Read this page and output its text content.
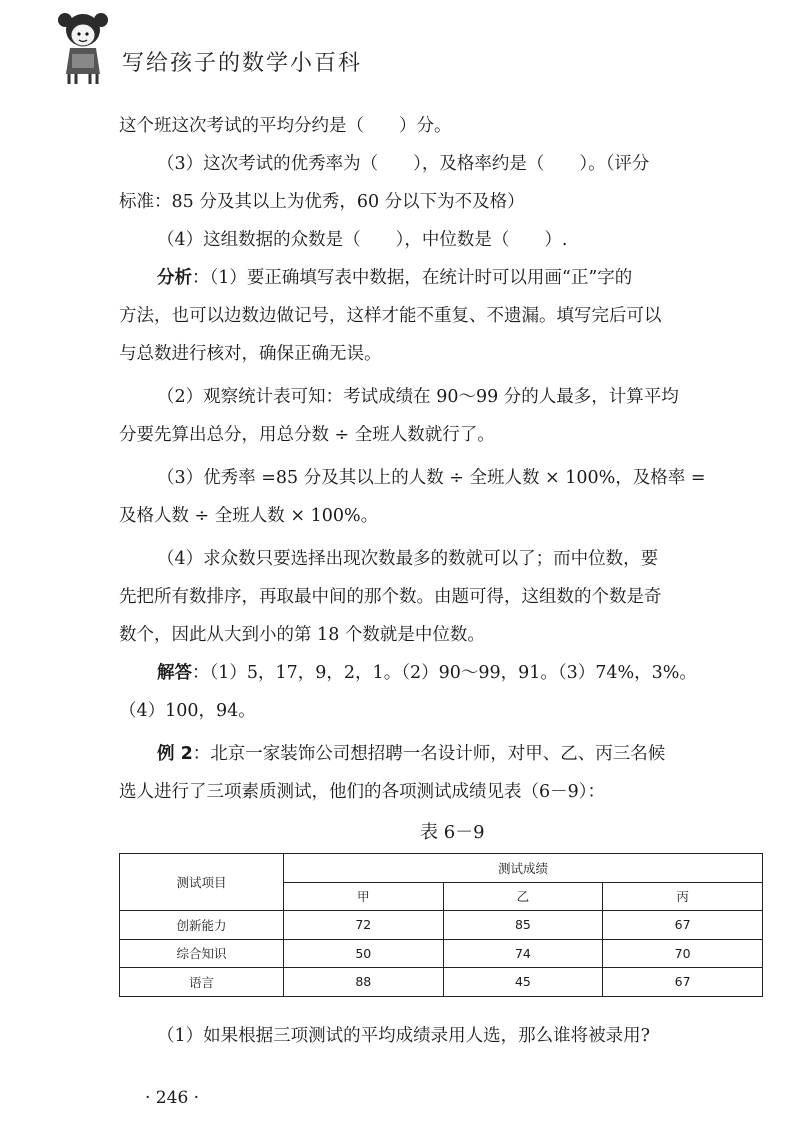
写给孩子的数学小百科
这个班这次考试的平均分约是（　　）分。
（3）这次考试的优秀率为（　　），及格率约是（　　）。（评分
标准：85 分及其以上为优秀，60 分以下为不及格）
（4）这组数据的众数是（　　），中位数是（　　）.
分析：（1）要正确填写表中数据，在统计时可以用画“正”字的
方法，也可以边数边做记号，这样才能不重复、不遗漏。填写完后可以
与总数进行核对，确保正确无误。
（2）观察统计表可知：考试成绩在 90～99 分的人最多，计算平均
分要先算出总分，用总分数 ÷ 全班人数就行了。
（3）优秀率 =85 分及其以上的人数 ÷ 全班人数 × 100%，及格率 =
及格人数 ÷ 全班人数 × 100%。
（4）求众数只要选择出现次数最多的数就可以了；而中位数，要
先把所有数排序，再取最中间的那个数。由题可得，这组数的个数是奇
数个，因此从大到小的第 18 个数就是中位数。
解答：（1）5，17，9，2，1。（2）90～99，91。（3）74%，3%。
（4）100，94。
例 2：北京一家装饰公司想招聘一名设计师，对甲、乙、丙三名候
选人进行了三项素质测试，他们的各项测试成绩见表（6－9）：
表 6－9
测试项目	测试成绩		
	甲	乙	丙
创新能力	72	85	67
综合知识	50	74	70
语言	88	45	67
（1）如果根据三项测试的平均成绩录用人选，那么谁将被录用?
· 246 ·
